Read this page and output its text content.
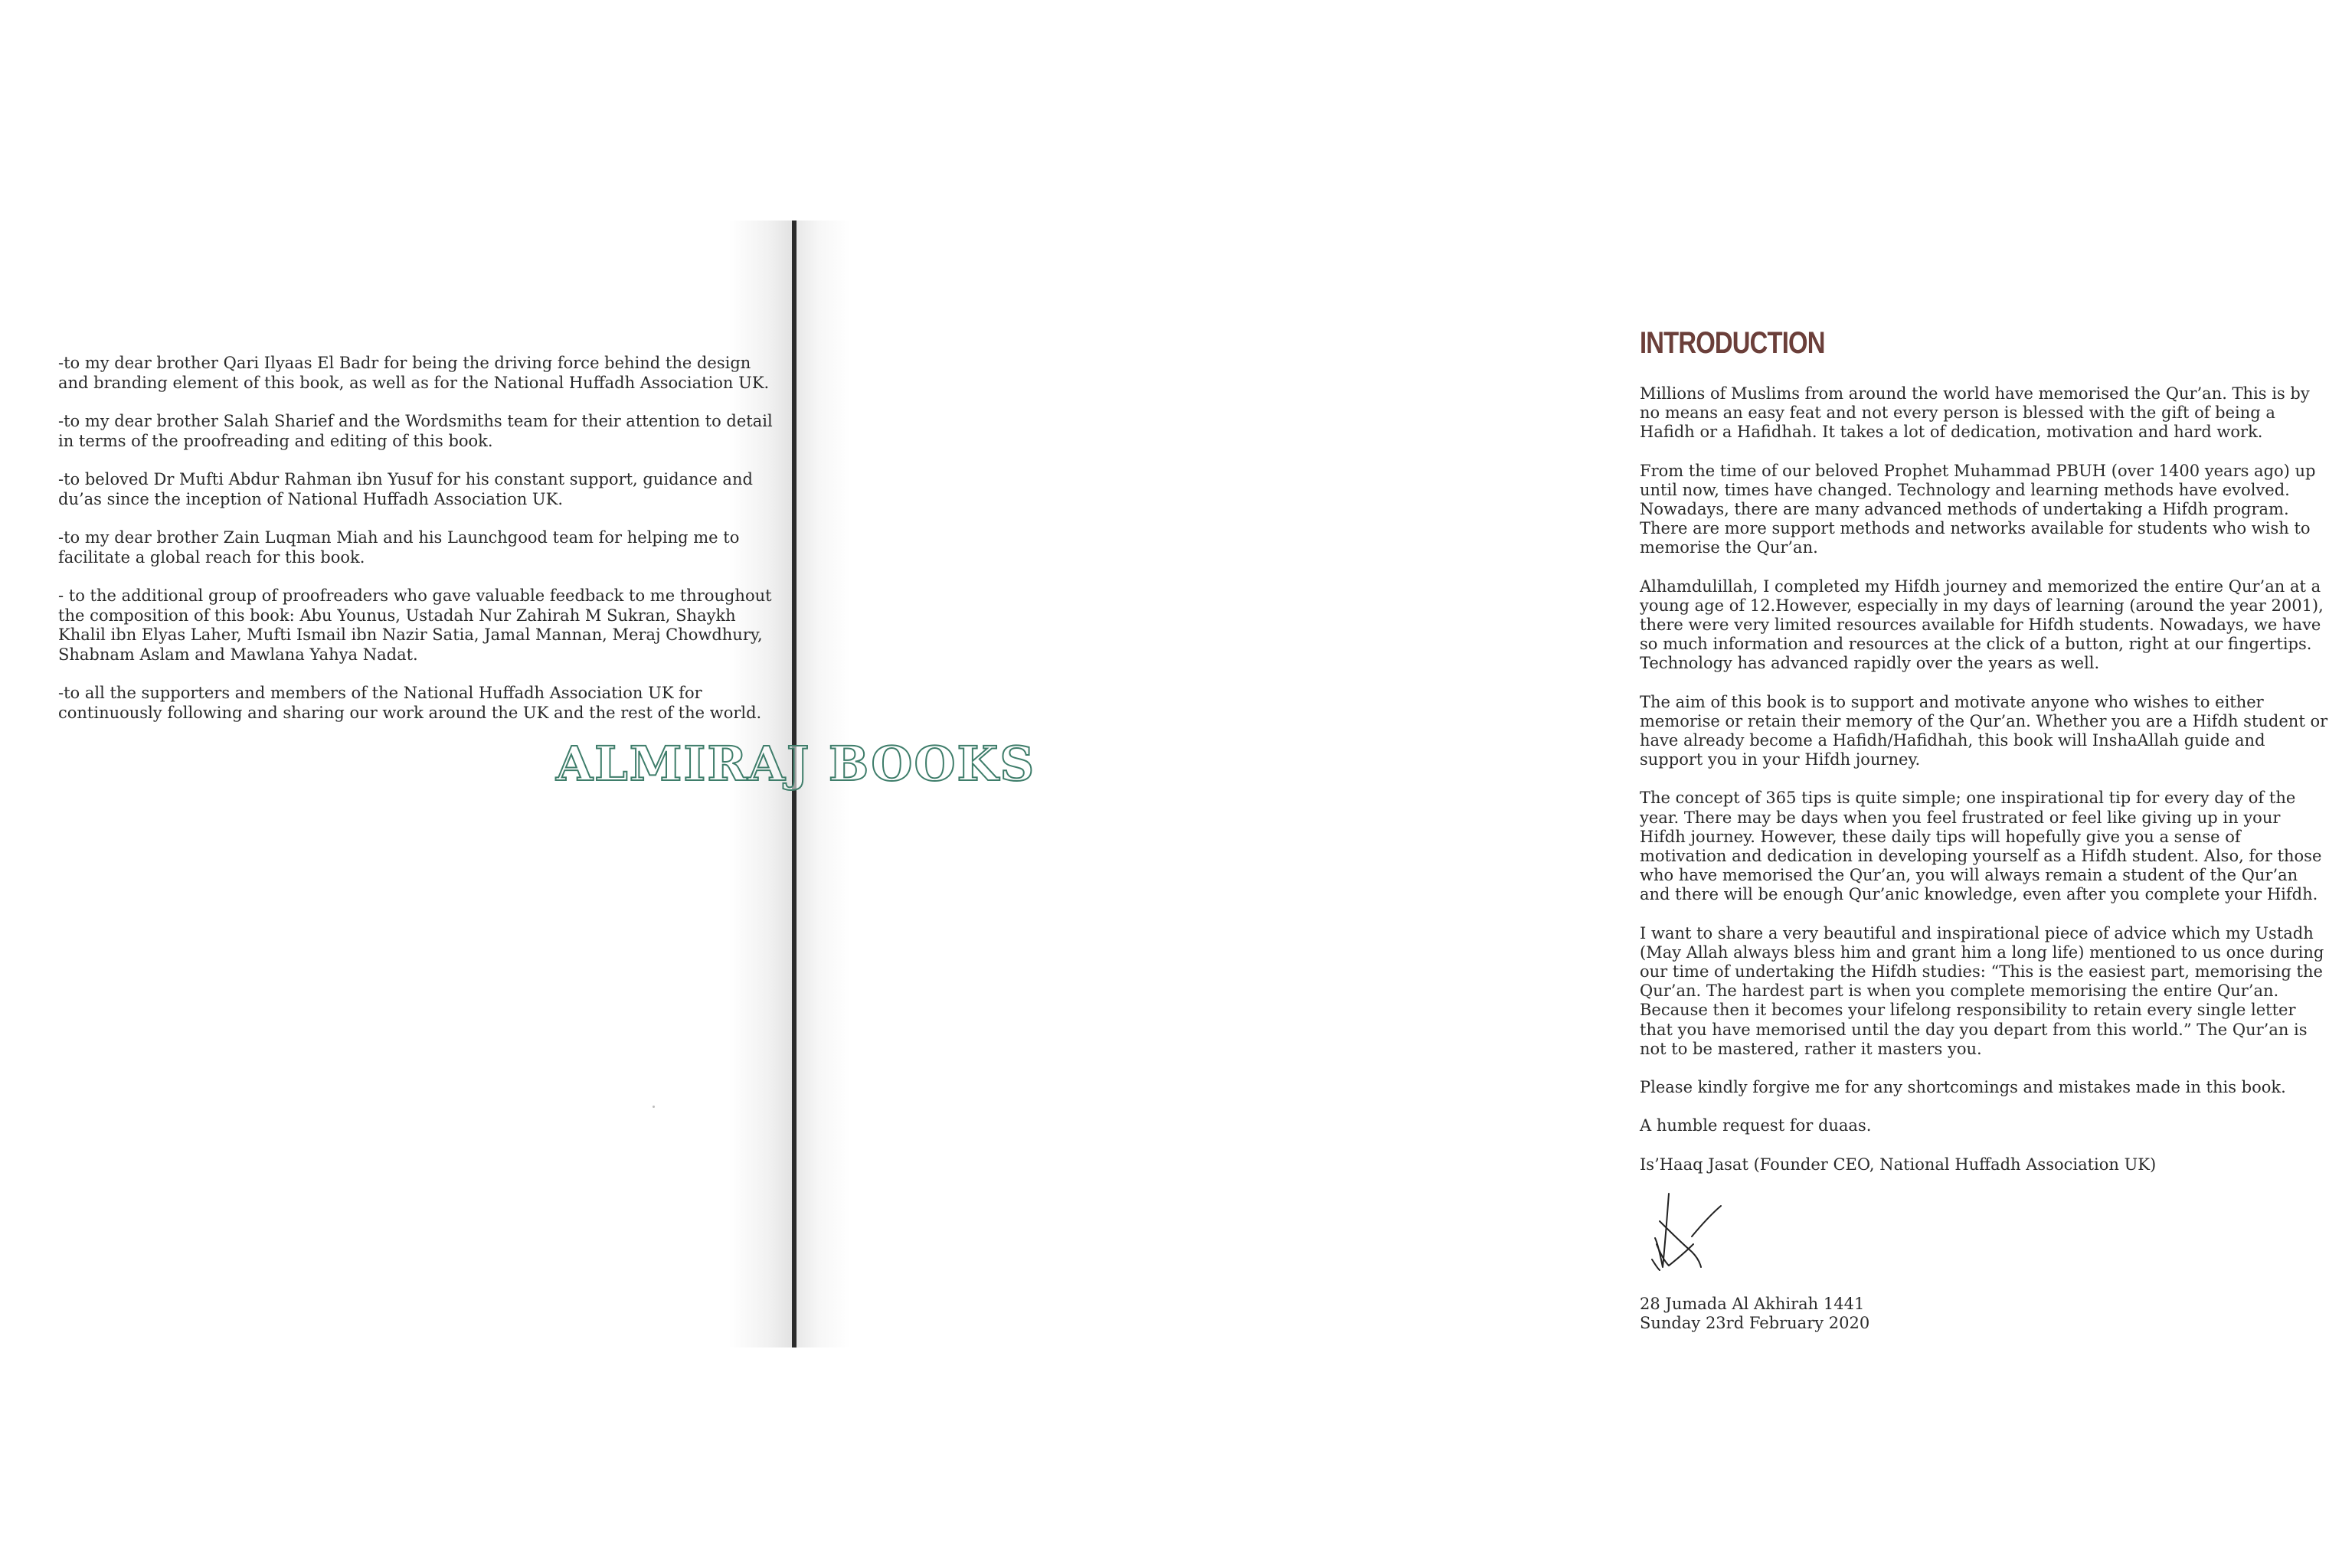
-to my dear brother Qari Ilyaas El Badr for being the driving force behind the design and branding element of this book, as well as for the National Huffadh Association UK.

-to my dear brother Salah Sharief and the Wordsmiths team for their attention to detail in terms of the proofreading and editing of this book.

-to beloved Dr Mufti Abdur Rahman ibn Yusuf for his constant support, guidance and du’as since the inception of National Huffadh Association UK.

-to my dear brother Zain Luqman Miah and his Launchgood team for helping me to facilitate a global reach for this book.

- to the additional group of proofreaders who gave valuable feedback to me throughout the composition of this book: Abu Younus, Ustadah Nur Zahirah M Sukran, Shaykh Khalil ibn Elyas Laher, Mufti Ismail ibn Nazir Satia, Jamal Mannan, Meraj Chowdhury, Shabnam Aslam and Mawlana Yahya Nadat.

-to all the supporters and members of the National Huffadh Association UK for continuously following and sharing our work around the UK and the rest of the world.

INTRODUCTION

Millions of Muslims from around the world have memorised the Qur’an. This is by no means an easy feat and not every person is blessed with the gift of being a Hafidh or a Hafidhah. It takes a lot of dedication, motivation and hard work.

From the time of our beloved Prophet Muhammad PBUH (over 1400 years ago) up until now, times have changed. Technology and learning methods have evolved. Nowadays, there are many advanced methods of undertaking a Hifdh program. There are more support methods and networks available for students who wish to memorise the Qur’an.

Alhamdulillah, I completed my Hifdh journey and memorized the entire Qur’an at a young age of 12.However, especially in my days of learning (around the year 2001), there were very limited resources available for Hifdh students. Nowadays, we have so much information and resources at the click of a button, right at our fingertips. Technology has advanced rapidly over the years as well.

The aim of this book is to support and motivate anyone who wishes to either memorise or retain their memory of the Qur’an. Whether you are a Hifdh student or have already become a Hafidh/Hafidhah, this book will InshaAllah guide and support you in your Hifdh journey.

The concept of 365 tips is quite simple; one inspirational tip for every day of the year. There may be days when you feel frustrated or feel like giving up in your Hifdh journey. However, these daily tips will hopefully give you a sense of motivation and dedication in developing yourself as a Hifdh student. Also, for those who have memorised the Qur’an, you will always remain a student of the Qur’an and there will be enough Qur’anic knowledge, even after you complete your Hifdh.

I want to share a very beautiful and inspirational piece of advice which my Ustadh (May Allah always bless him and grant him a long life) mentioned to us once during our time of undertaking the Hifdh studies: “This is the easiest part, memorising the Qur’an. The hardest part is when you complete memorising the entire Qur’an. Because then it becomes your lifelong responsibility to retain every single letter that you have memorised until the day you depart from this world.” The Qur’an is not to be mastered, rather it masters you.

Please kindly forgive me for any shortcomings and mistakes made in this book.

A humble request for duaas.

Is’Haaq Jasat (Founder CEO, National Huffadh Association UK)

28 Jumada Al Akhirah 1441

Sunday 23rd February 2020

ALMIRAJ BOOKS
